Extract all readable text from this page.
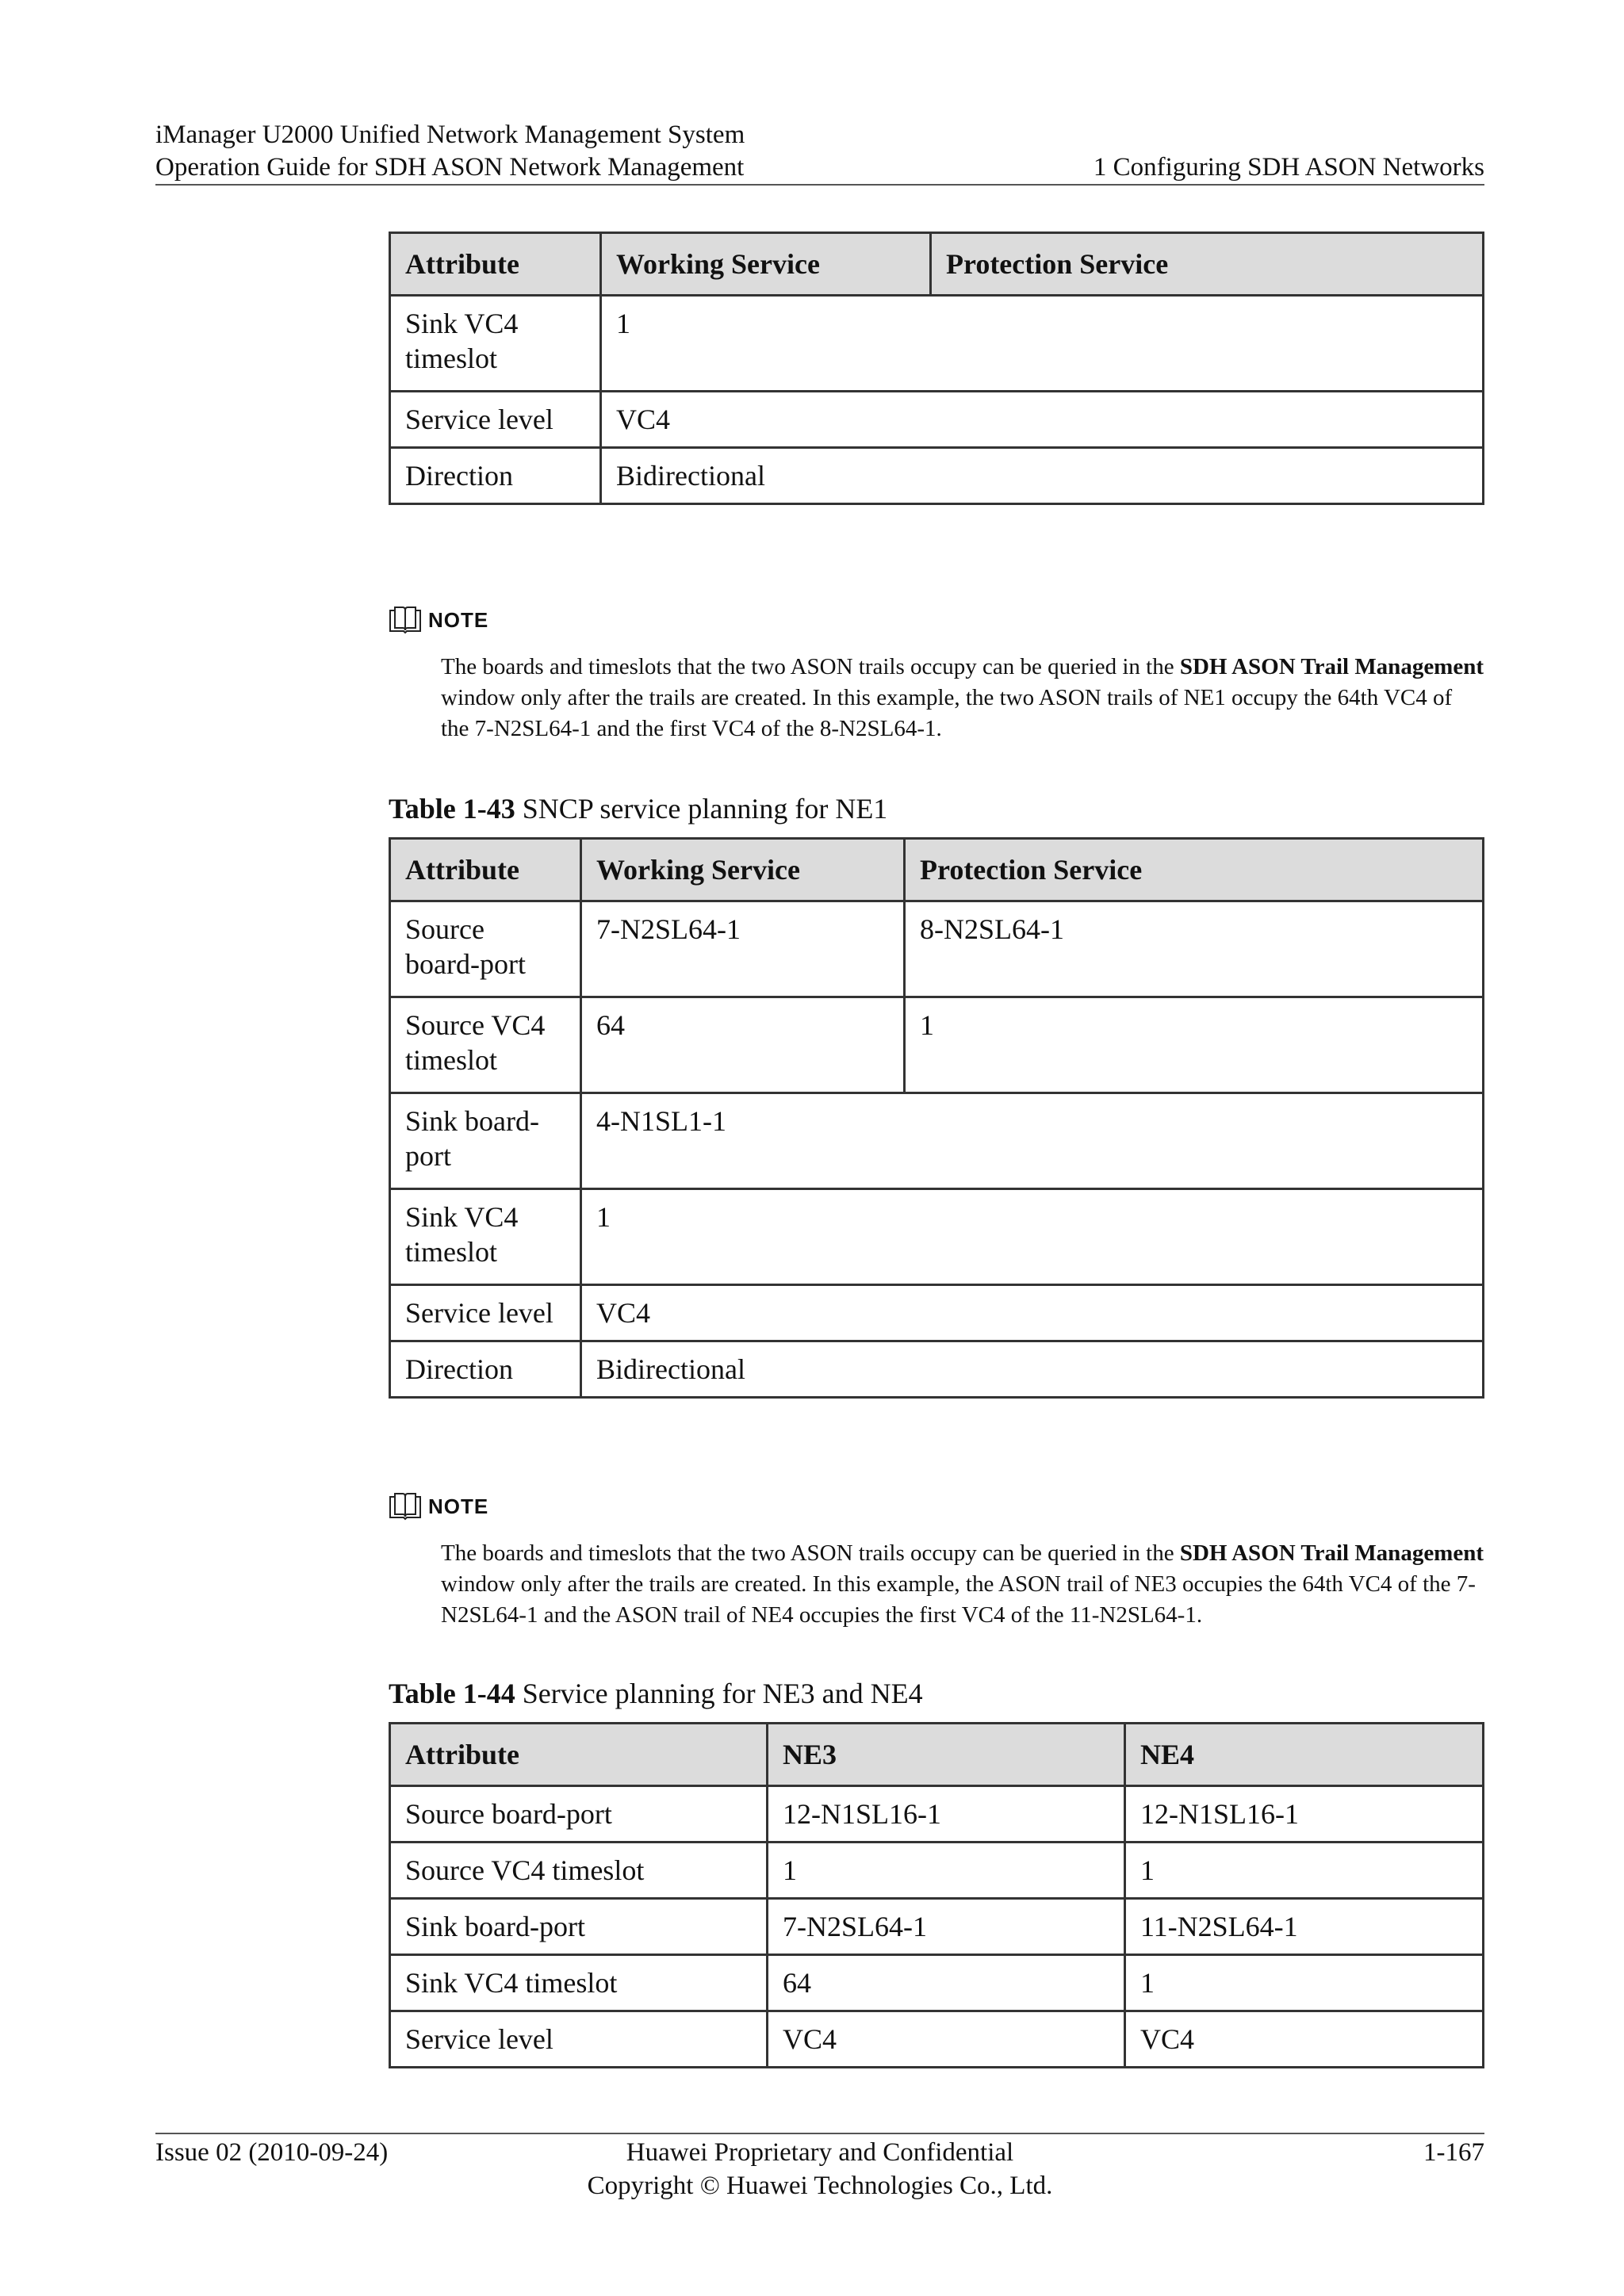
iManager U2000 Unified Network Management System
Operation Guide for SDH ASON Network Management	1 Configuring SDH ASON Networks
Attribute	Working Service	Protection Service
Sink VC4 timeslot	1	
Service level	VC4	
Direction	Bidirectional	
NOTE
The boards and timeslots that the two ASON trails occupy can be queried in the SDH ASON Trail Management window only after the trails are created. In this example, the two ASON trails of NE1 occupy the 64th VC4 of the 7-N2SL64-1 and the first VC4 of the 8-N2SL64-1.
Table 1-43 SNCP service planning for NE1
Attribute	Working Service	Protection Service
Source board-port	7-N2SL64-1	8-N2SL64-1
Source VC4 timeslot	64	1
Sink board-port	4-N1SL1-1	
Sink VC4 timeslot	1	
Service level	VC4	
Direction	Bidirectional	
NOTE
The boards and timeslots that the two ASON trails occupy can be queried in the SDH ASON Trail Management window only after the trails are created. In this example, the ASON trail of NE3 occupies the 64th VC4 of the 7-N2SL64-1 and the ASON trail of NE4 occupies the first VC4 of the 11-N2SL64-1.
Table 1-44 Service planning for NE3 and NE4
Attribute	NE3	NE4
Source board-port	12-N1SL16-1	12-N1SL16-1
Source VC4 timeslot	1	1
Sink board-port	7-N2SL64-1	11-N2SL64-1
Sink VC4 timeslot	64	1
Service level	VC4	VC4
Issue 02 (2010-09-24)	Huawei Proprietary and Confidential
Copyright © Huawei Technologies Co., Ltd.
1-167
